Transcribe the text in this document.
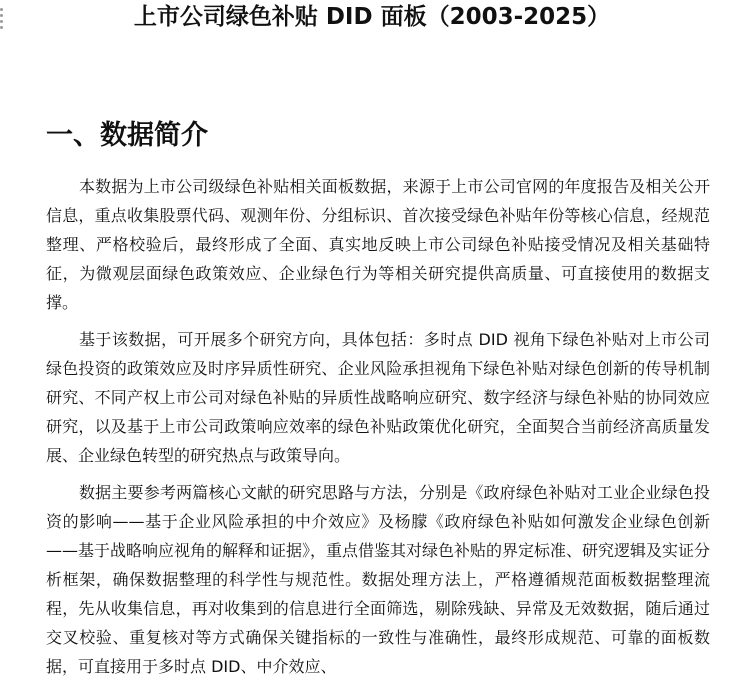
上市公司绿色补贴 DID 面板（2003-2025）
一、数据简介

本数据为上市公司级绿色补贴相关面板数据，来源于上市公司官网的年度报告及相关公开信息，重点收集股票代码、观测年份、分组标识、首次接受绿色补贴年份等核心信息，经规范整理、严格校验后，最终形成了全面、真实地反映上市公司绿色补贴接受情况及相关基础特征，为微观层面绿色政策效应、企业绿色行为等相关研究提供高质量、可直接使用的数据支撑。

基于该数据，可开展多个研究方向，具体包括：多时点 DID 视角下绿色补贴对上市公司绿色投资的政策效应及时序异质性研究、企业风险承担视角下绿色补贴对绿色创新的传导机制研究、不同产权上市公司对绿色补贴的异质性战略响应研究、数字经济与绿色补贴的协同效应研究，以及基于上市公司政策响应效率的绿色补贴政策优化研究，全面契合当前经济高质量发展、企业绿色转型的研究热点与政策导向。

数据主要参考两篇核心文献的研究思路与方法，分别是《政府绿色补贴对工业企业绿色投资的影响——基于企业风险承担的中介效应》及杨朦《政府绿色补贴如何激发企业绿色创新——基于战略响应视角的解释和证据》，重点借鉴其对绿色补贴的界定标准、研究逻辑及实证分析框架，确保数据整理的科学性与规范性。数据处理方法上，严格遵循规范面板数据整理流程，先从收集信息，再对收集到的信息进行全面筛选，剔除残缺、异常及无效数据，随后通过交叉校验、重复核对等方式确保关键指标的一致性与准确性，最终形成规范、可靠的面板数据，可直接用于多时点 DID、中介效应、
